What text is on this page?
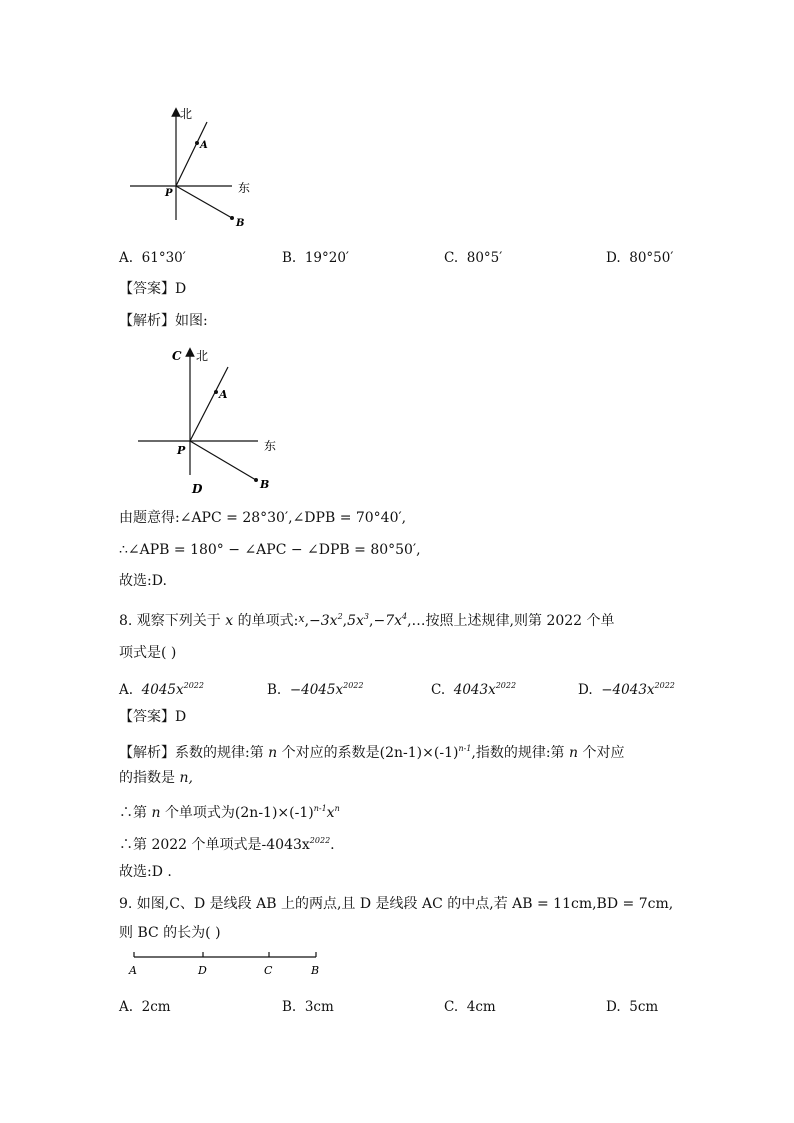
北
东
A
P
B
A. 61°30′	B. 19°20′	C. 80°5′	D. 80°50′
【答案】D
【解析】如图:
C 北
A
P	东
D	B
由题意得:∠APC = 28°30′,∠DPB = 70°40′,
∴∠APB = 180° − ∠APC − ∠DPB = 80°50′,
故选:D.
8. 观察下列关于 x 的单项式$:^x,-3x^2,5x^3,-7x^4,\dots$按照上述规律,则第 2022 个单
项式是( )
A. $4045x^{2022}$	B. $-4045x^{2022}$	C. $4043x^{2022}$	D. $-4043x^{2022}$
【答案】D
【解析】系数的规律:第 n 个对应的系数是$(2n-1)\times(-1)^{n-1}$,指数的规律:第 n 个对应
的指数是 n,
∴第 n 个单项式为$(2n-1)\times(-1)^{n-1}x^n$
∴第 2022 个单项式是$-4043x^{2022}$.
故选:D .
9. 如图,C、D 是线段 AB 上的两点,且 D 是线段 AC 的中点,若 AB = 11cm,BD = 7cm,
则 BC 的长为( )
A	D	C	B
A. 2cm	B. 3cm	C. 4cm	D. 5cm
